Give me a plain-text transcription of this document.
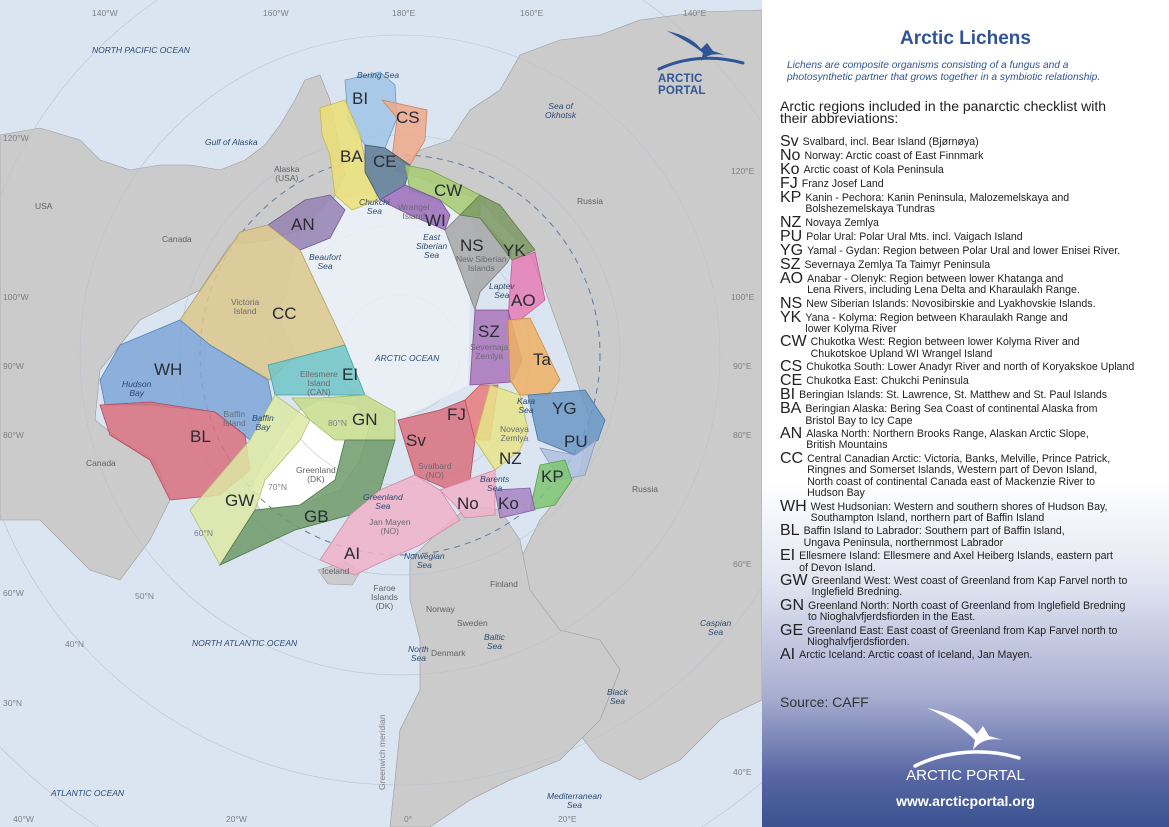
ARCTIC PORTAL
NORTH PACIFIC OCEAN
ARCTIC OCEAN
NORTH ATLANTIC OCEAN
ATLANTIC OCEAN
Bering Sea
Sea of
Okhotsk
Gulf of Alaska
Chukchi
Sea
Beaufort
Sea
East
Siberian
Sea
Laptev
Sea
Kara
Sea
Barents
Sea
Hudson
Bay
Baffin
Bay
Greenland
Sea
Norwegian
Sea
North
Sea
Baltic
Sea
Black
Sea
Caspian
Sea
Mediterranean
Sea
Alaska
(USA)
USA
Canada
Canada
Russia
Russia
Greenland
(DK)
Iceland
Faroe
Islands
(DK)	Norway
Sweden
Finland
Denmark
Greenwich meridian
Wrangel
Island
New Siberian
Islands
Severnaja
Zemlya
Novaya
Zemlya
Svalbard
(NO)
Jan Mayen
(NO)
Victoria
Island
Ellesmere
Island
(CAN)
Baffin
Island
140°W	160°W	180°E	160°E	140°E
120°W
100°W
90°W
80°W
60°W
120°E
100°E
90°E
80°E
60°E
40°E
80°N
70°N
60°N
50°N
40°N
30°N
40°W	20°W	0°	20°E
BI
CS
BA CE
CW
WI
AN
NS YK
AO
SZ
Ta
CC
WH	EI
BL
GN
GW
GB
Sv
FJ
NZ
YG
PU
KP
No Ko
AI
Arctic Lichens
Lichens are composite organisms consisting of a fungus and a
photosynthetic partner that grows together in a symbiotic relationship.
Arctic regions included in the panarctic checklist with
their abbreviations:
Sv Svalbard, incl. Bear Island (Bjørnøya)
No Norway: Arctic coast of East Finnmark
Ko Arctic coast of Kola Peninsula
FJ Franz Josef Land
KP Kanin - Pechora: Kanin Peninsula, Malozemelskaya and
Bolshezemelskaya Tundras
NZ Novaya Zemlya
PU Polar Ural: Polar Ural Mts. incl. Vaigach Island
YG Yamal - Gydan: Region between Polar Ural and lower Enisei River.
SZ Severnaya Zemlya Ta Taimyr Peninsula
AO Anabar - Olenyk: Region between lower Khatanga and
Lena Rivers, including Lena Delta and Kharaulakh Range.
NS New Siberian Islands: Novosibirskie and Lyakhovskie Islands.
YK Yana - Kolyma: Region between Kharaulakh Range and
lower Kolyma River
CW Chukotka West: Region between lower Kolyma River and
Chukotskoe Upland WI Wrangel Island
CS Chukotka South: Lower Anadyr River and north of Koryakskoe Upland
CE Chukotka East: Chukchi Peninsula
BI Beringian Islands: St. Lawrence, St. Matthew and St. Paul Islands
BA Beringian Alaska: Bering Sea Coast of continental Alaska from
Bristol Bay to Icy Cape
AN Alaska North: Northern Brooks Range, Alaskan Arctic Slope,
British Mountains
CC Central Canadian Arctic: Victoria, Banks, Melville, Prince Patrick,
Ringnes and Somerset Islands, Western part of Devon Island,
North coast of continental Canada east of Mackenzie River to
Hudson Bay
WH West Hudsonian: Western and southern shores of Hudson Bay,
Southampton Island, northern part of Baffin Island
BL Baffin Island to Labrador: Southern part of Baffin Island,
Ungava Peninsula, northernmost Labrador
EI Ellesmere Island: Ellesmere and Axel Heiberg Islands, eastern part
of Devon Island.
GW Greenland West: West coast of Greenland from Kap Farvel north to
Inglefield Bredning.
GN Greenland North: North coast of Greenland from Inglefield Bredning
to Nioghalvfjerdsfiorden in the East.
GE Greenland East: East coast of Greenland from Kap Farvel north to
Nioghalvfjerdsfiorden.
AI Arctic Iceland: Arctic coast of Iceland, Jan Mayen.
Source: CAFF
ARCTIC PORTAL
www.arcticportal.org
